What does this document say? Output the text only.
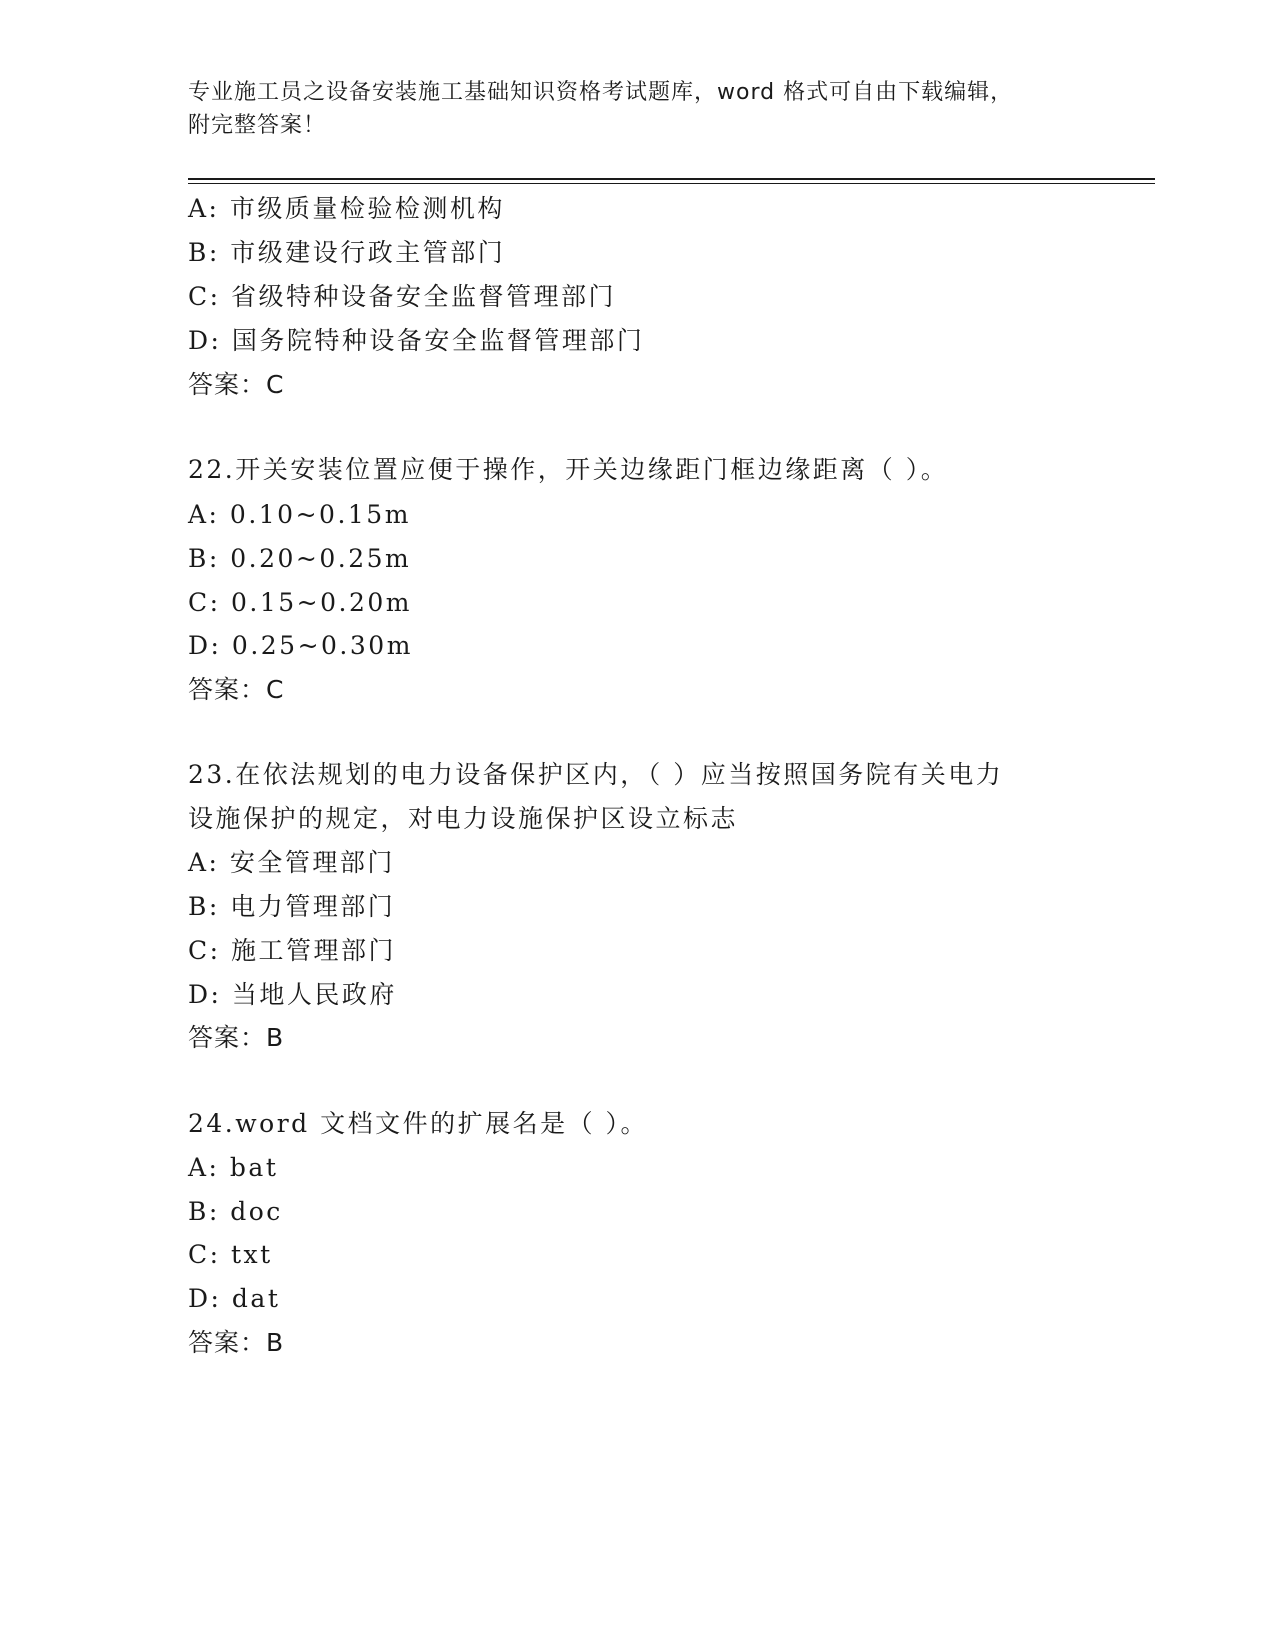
专业施工员之设备安装施工基础知识资格考试题库，word 格式可自由下载编辑，
附完整答案！
A: 市级质量检验检测机构
B: 市级建设行政主管部门
C: 省级特种设备安全监督管理部门
D: 国务院特种设备安全监督管理部门
答案：C
22.开关安装位置应便于操作，开关边缘距门框边缘距离（ ）。
A: 0.10~0.15m
B: 0.20~0.25m
C: 0.15~0.20m
D: 0.25~0.30m
答案：C
23.在依法规划的电力设备保护区内，（ ）应当按照国务院有关电力
设施保护的规定，对电力设施保护区设立标志
A: 安全管理部门
B: 电力管理部门
C: 施工管理部门
D: 当地人民政府
答案：B
24.word 文档文件的扩展名是（ ）。
A: bat
B: doc
C: txt
D: dat
答案：B
